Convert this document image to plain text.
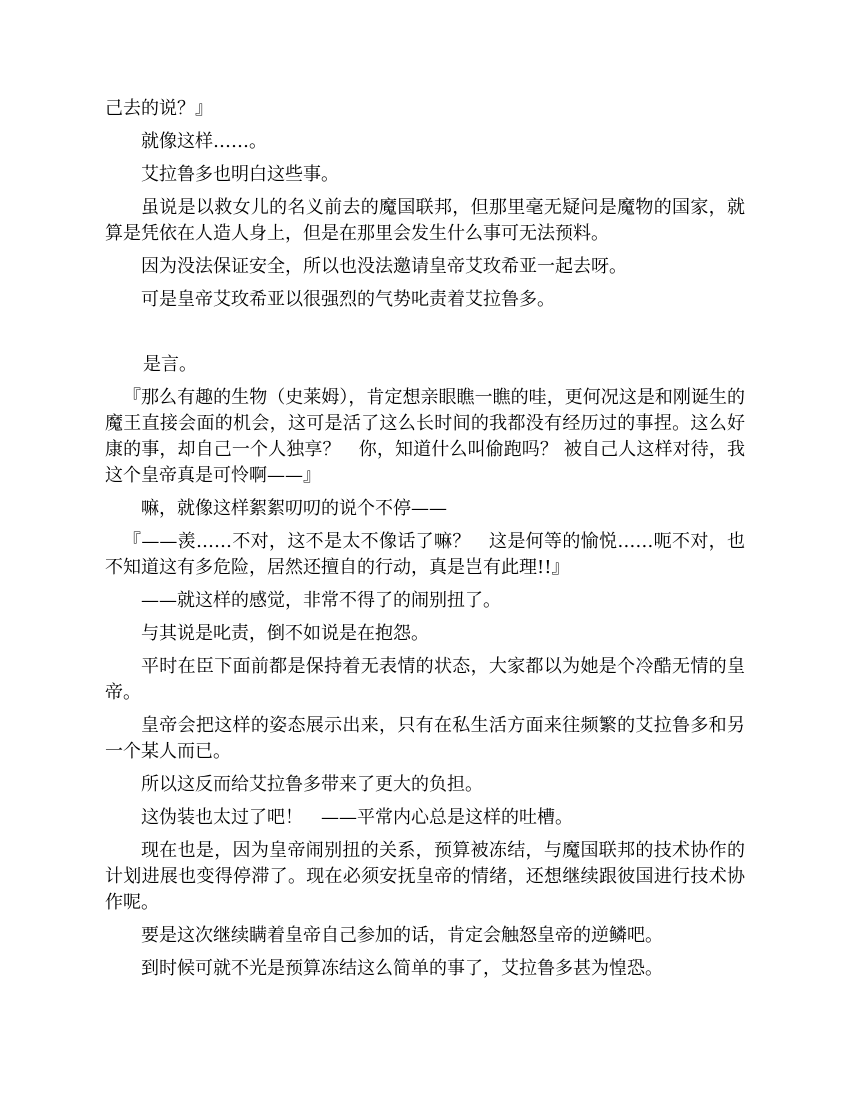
己去的说？』

就像这样……。

艾拉鲁多也明白这些事。

虽说是以救女儿的名义前去的魔国联邦，但那里毫无疑问是魔物的国家，就算是凭依在人造人身上，但是在那里会发生什么事可无法预料。

因为没法保证安全，所以也没法邀请皇帝艾玫希亚一起去呀。

可是皇帝艾玫希亚以很强烈的气势叱责着艾拉鲁多。

是言。

『那么有趣的生物（史莱姆），肯定想亲眼瞧一瞧的哇，更何况这是和刚诞生的魔王直接会面的机会，这可是活了这么长时间的我都没有经历过的事捏。这么好康的事，却自己一个人独享？　你，知道什么叫偷跑吗？ 被自己人这样对待，我这个皇帝真是可怜啊——』

嘛，就像这样絮絮叨叨的说个不停——

『——羡……不对，这不是太不像话了嘛？　这是何等的愉悦……呃不对，也不知道这有多危险，居然还擅自的行动，真是岂有此理!!』

——就这样的感觉，非常不得了的闹别扭了。

与其说是叱责，倒不如说是在抱怨。

平时在臣下面前都是保持着无表情的状态，大家都以为她是个冷酷无情的皇帝。

皇帝会把这样的姿态展示出来，只有在私生活方面来往频繁的艾拉鲁多和另一个某人而已。

所以这反而给艾拉鲁多带来了更大的负担。

这伪装也太过了吧！　——平常内心总是这样的吐槽。

现在也是，因为皇帝闹别扭的关系，预算被冻结，与魔国联邦的技术协作的计划进展也变得停滞了。现在必须安抚皇帝的情绪，还想继续跟彼国进行技术协作呢。

要是这次继续瞒着皇帝自己参加的话，肯定会触怒皇帝的逆鳞吧。

到时候可就不光是预算冻结这么简单的事了，艾拉鲁多甚为惶恐。
